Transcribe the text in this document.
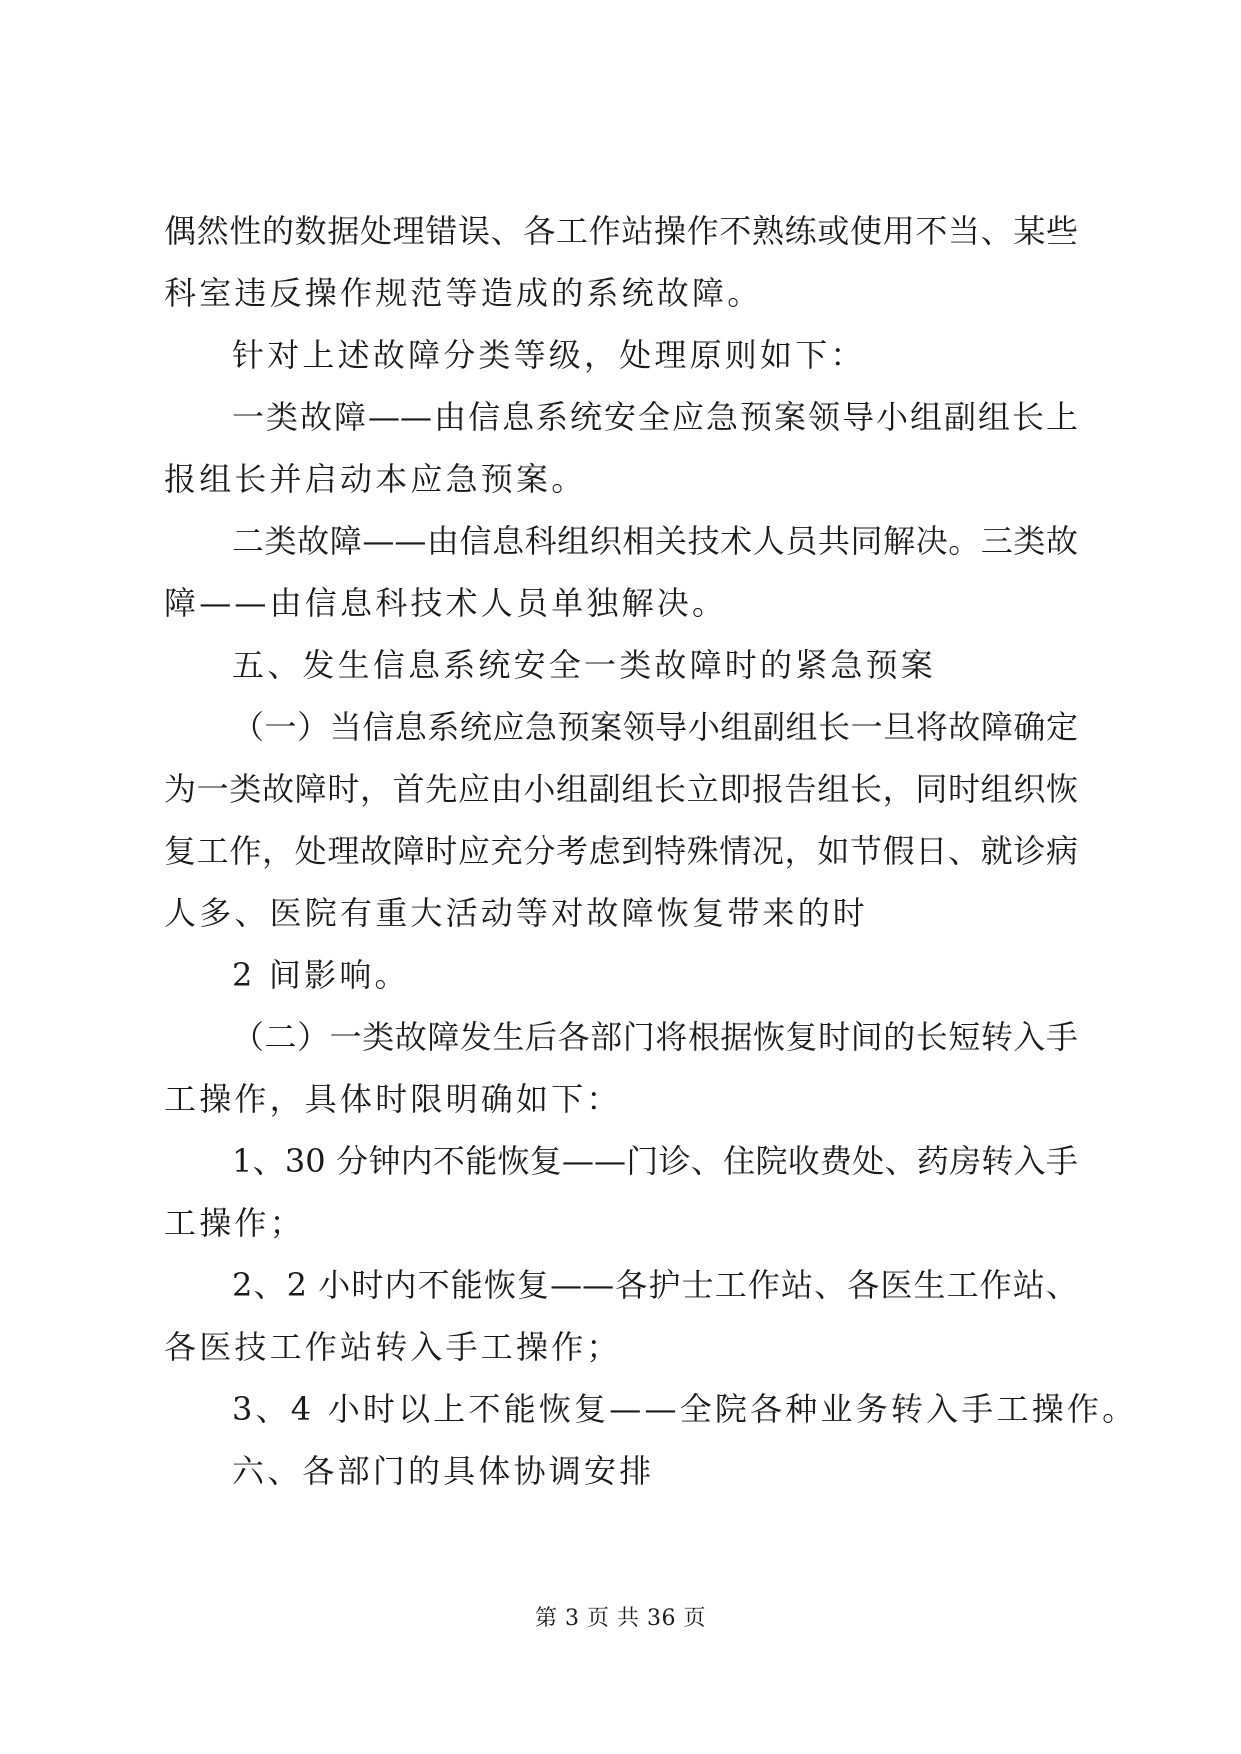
偶然性的数据处理错误、各工作站操作不熟练或使用不当、某些
科室违反操作规范等造成的系统故障。
针对上述故障分类等级，处理原则如下：
一类故障——由信息系统安全应急预案领导小组副组长上
报组长并启动本应急预案。
二类故障——由信息科组织相关技术人员共同解决。三类故
障——由信息科技术人员单独解决。
五、发生信息系统安全一类故障时的紧急预案
（一）当信息系统应急预案领导小组副组长一旦将故障确定
为一类故障时，首先应由小组副组长立即报告组长，同时组织恢
复工作，处理故障时应充分考虑到特殊情况，如节假日、就诊病
人多、医院有重大活动等对故障恢复带来的时
2 间影响。
（二）一类故障发生后各部门将根据恢复时间的长短转入手
工操作，具体时限明确如下：
1、30 分钟内不能恢复——门诊、住院收费处、药房转入手
工操作；
2、2 小时内不能恢复——各护士工作站、各医生工作站、
各医技工作站转入手工操作；
3、4 小时以上不能恢复——全院各种业务转入手工操作。
六、各部门的具体协调安排
第 3 页 共 36 页
